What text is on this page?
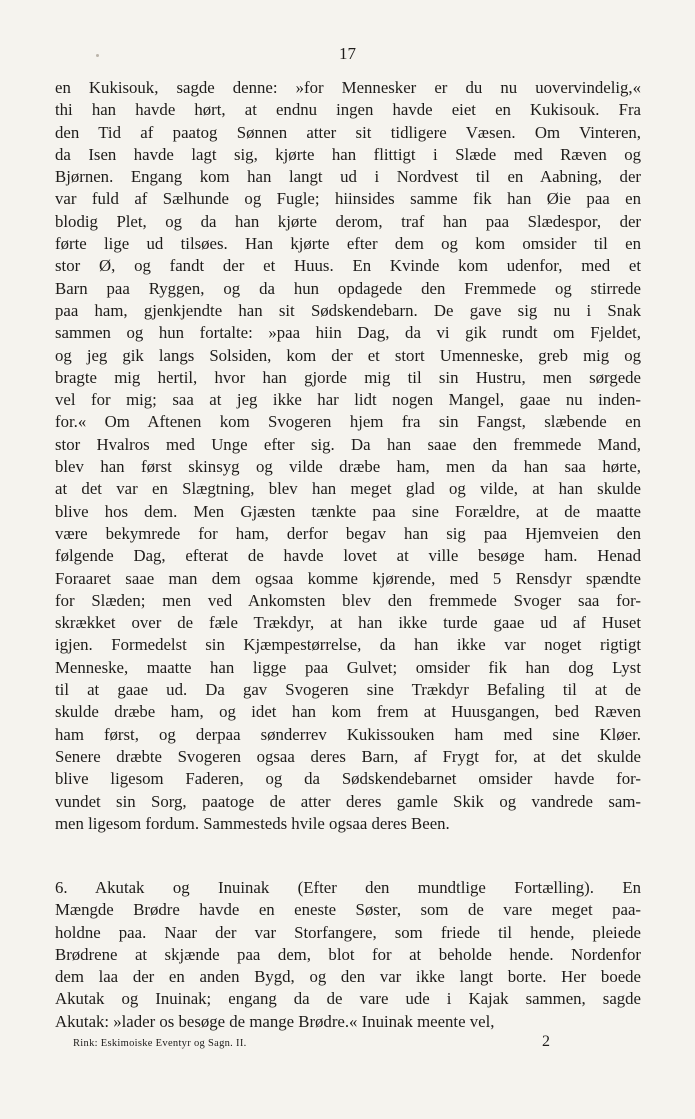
17
en Kukisouk, sagde denne: »for Mennesker er du nu uovervindelig,«
thi han havde hørt, at endnu ingen havde eiet en Kukisouk. Fra
den Tid af paatog Sønnen atter sit tidligere Væsen. Om Vinteren,
da Isen havde lagt sig, kjørte han flittigt i Slæde med Ræven og
Bjørnen. Engang kom han langt ud i Nordvest til en Aabning, der
var fuld af Sælhunde og Fugle; hiinsides samme fik han Øie paa en
blodig Plet, og da han kjørte derom, traf han paa Slædespor, der
førte lige ud tilsøes. Han kjørte efter dem og kom omsider til en
stor Ø, og fandt der et Huus. En Kvinde kom udenfor, med et
Barn paa Ryggen, og da hun opdagede den Fremmede og stirrede
paa ham, gjenkjendte han sit Sødskendebarn. De gave sig nu i Snak
sammen og hun fortalte: »paa hiin Dag, da vi gik rundt om Fjeldet,
og jeg gik langs Solsiden, kom der et stort Umenneske, greb mig og
bragte mig hertil, hvor han gjorde mig til sin Hustru, men sørgede
vel for mig; saa at jeg ikke har lidt nogen Mangel, gaae nu inden-
for.« Om Aftenen kom Svogeren hjem fra sin Fangst, slæbende en
stor Hvalros med Unge efter sig. Da han saae den fremmede Mand,
blev han først skinsyg og vilde dræbe ham, men da han saa hørte,
at det var en Slægtning, blev han meget glad og vilde, at han skulde
blive hos dem. Men Gjæsten tænkte paa sine Forældre, at de maatte
være bekymrede for ham, derfor begav han sig paa Hjemveien den
følgende Dag, efterat de havde lovet at ville besøge ham. Henad
Foraaret saae man dem ogsaa komme kjørende, med 5 Rensdyr spændte
for Slæden; men ved Ankomsten blev den fremmede Svoger saa for-
skrækket over de fæle Trækdyr, at han ikke turde gaae ud af Huset
igjen. Formedelst sin Kjæmpestørrelse, da han ikke var noget rigtigt
Menneske, maatte han ligge paa Gulvet; omsider fik han dog Lyst
til at gaae ud. Da gav Svogeren sine Trækdyr Befaling til at de
skulde dræbe ham, og idet han kom frem at Huusgangen, bed Ræven
ham først, og derpaa sønderrev Kukissouken ham med sine Kløer.
Senere dræbte Svogeren ogsaa deres Barn, af Frygt for, at det skulde
blive ligesom Faderen, og da Sødskendebarnet omsider havde for-
vundet sin Sorg, paatoge de atter deres gamle Skik og vandrede sam-
men ligesom fordum. Sammesteds hvile ogsaa deres Been.
6. Akutak og Inuinak (Efter den mundtlige Fortælling). En
Mængde Brødre havde en eneste Søster, som de vare meget paa-
holdne paa. Naar der var Storfangere, som friede til hende, pleiede
Brødrene at skjænde paa dem, blot for at beholde hende. Nordenfor
dem laa der en anden Bygd, og den var ikke langt borte. Her boede
Akutak og Inuinak; engang da de vare ude i Kajak sammen, sagde
Akutak: »lader os besøge de mange Brødre.« Inuinak meente vel,
Rink: Eskimoiske Eventyr og Sagn. II.	2
